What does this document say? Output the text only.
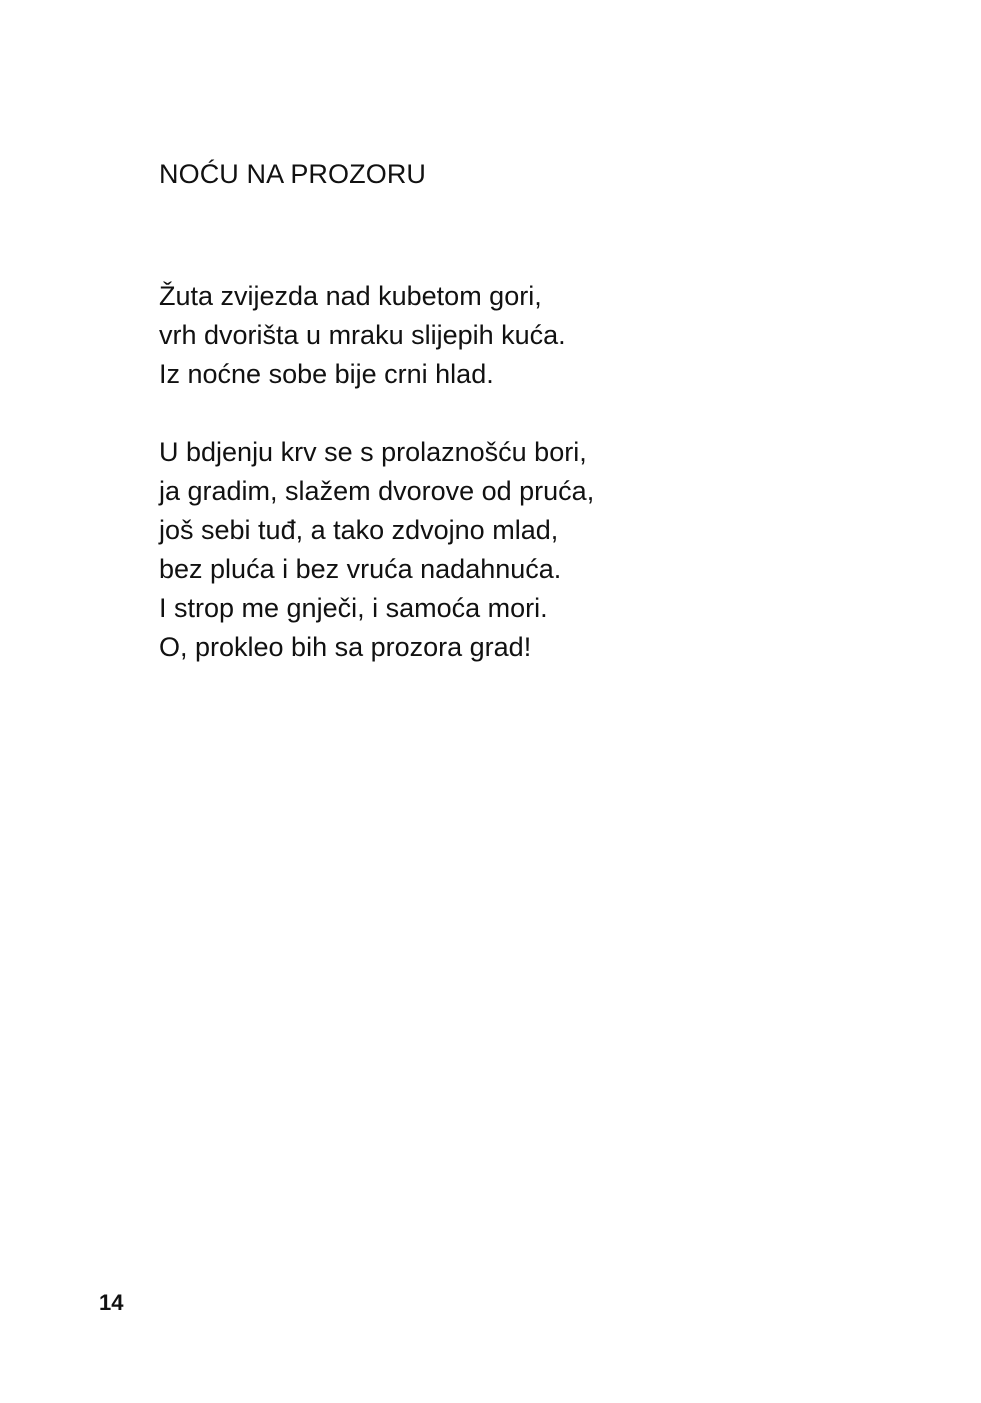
NOĆU NA PROZORU
Žuta zvijezda nad kubetom gori,
vrh dvorišta u mraku slijepih kuća.
Iz noćne sobe bije crni hlad.
U bdjenju krv se s prolaznošću bori,
ja gradim, slažem dvorove od pruća,
još sebi tuđ, a tako zdvojno mlad,
bez pluća i bez vrućа nadahnuća.
I strop me gnječi, i samoća mori.
O, prokleo bih sa prozora grad!
14
